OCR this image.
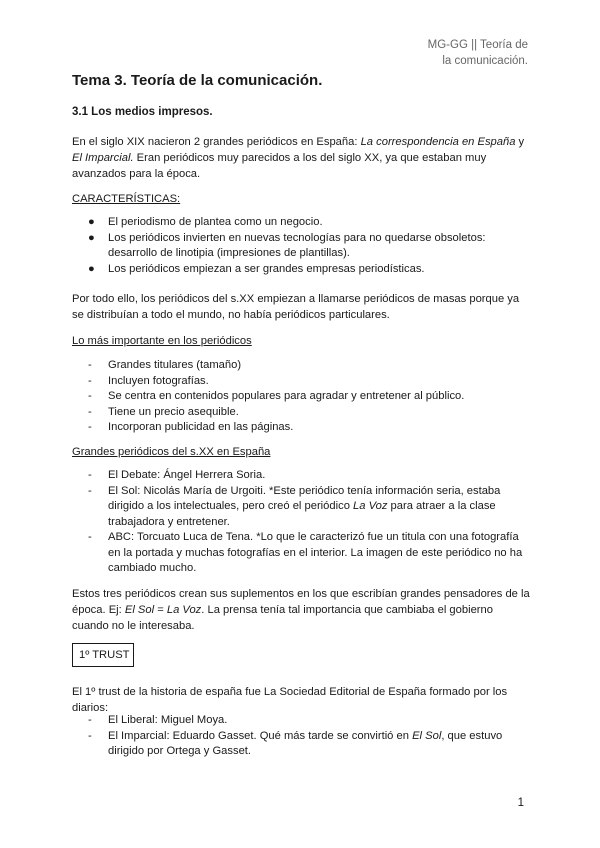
MG-GG || Teoría de
la comunicación.
Tema 3. Teoría de la comunicación.
3.1 Los medios impresos.
En el siglo XIX nacieron 2 grandes periódicos en España: La correspondencia en España y El Imparcial. Eran periódicos muy parecidos a los del siglo XX, ya que estaban muy avanzados para la época.
CARACTERÍSTICAS:
● El periodismo de plantea como un negocio.
● Los periódicos invierten en nuevas tecnologías para no quedarse obsoletos: desarrollo de linotipia (impresiones de plantillas).
● Los periódicos empiezan a ser grandes empresas periodísticas.
Por todo ello, los periódicos del s.XX empiezan a llamarse periódicos de masas porque ya se distribuían a todo el mundo, no había periódicos particulares.
Lo más importante en los periódicos
- Grandes titulares (tamaño)
- Incluyen fotografías.
- Se centra en contenidos populares para agradar y entretener al público.
- Tiene un precio asequible.
- Incorporan publicidad en las páginas.
Grandes periódicos del s.XX en España
- El Debate: Ángel Herrera Soria.
- El Sol: Nicolás María de Urgoiti. *Este periódico tenía información seria, estaba dirigido a los intelectuales, pero creó el periódico La Voz para atraer a la clase trabajadora y entretener.
- ABC: Torcuato Luca de Tena. *Lo que le caracterizó fue un titula con una fotografía en la portada y muchas fotografías en el interior. La imagen de este periódico no ha cambiado mucho.
Estos tres periódicos crean sus suplementos en los que escribían grandes pensadores de la época. Ej: El Sol = La Voz. La prensa tenía tal importancia que cambiaba el gobierno cuando no le interesaba.
1º TRUST
El 1º trust de la historia de españa fue La Sociedad Editorial de España formado por los diarios:
- El Liberal: Miguel Moya.
- El Imparcial: Eduardo Gasset. Qué más tarde se convirtió en El Sol, que estuvo dirigido por Ortega y Gasset.
1
